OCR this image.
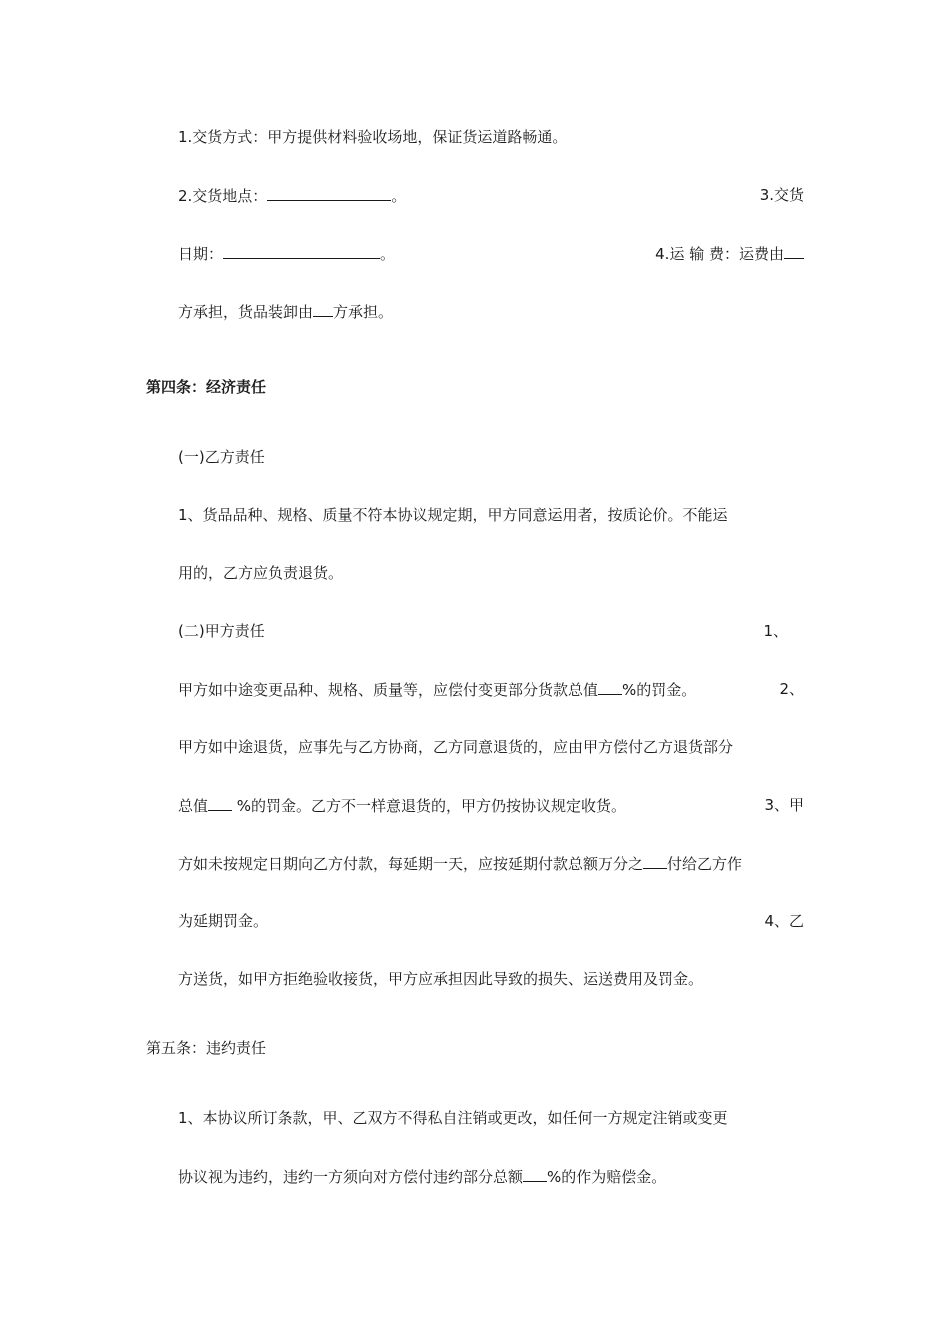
1.交货方式：甲方提供材料验收场地，保证货运道路畅通。
2.交货地点：	。	3.交货
日期：	。	4.运 输 费：运费由
方承担，货品装卸由 方承担。
第四条：经济责任
(一)乙方责任
1、货品品种、规格、质量不符本协议规定期，甲方同意运用者，按质论价。不能运
用的，乙方应负责退货。
(二)甲方责任	1、
甲方如中途变更品种、规格、质量等，应偿付变更部分货款总值 %的罚金。	2、
甲方如中途退货，应事先与乙方协商，乙方同意退货的，应由甲方偿付乙方退货部分
总值 %的罚金。乙方不一样意退货的，甲方仍按协议规定收货。	3、甲
方如未按规定日期向乙方付款，每延期一天，应按延期付款总额万分之 付给乙方作
为延期罚金。	4、乙
方送货，如甲方拒绝验收接货，甲方应承担因此导致的损失、运送费用及罚金。
第五条：违约责任
1、本协议所订条款，甲、乙双方不得私自注销或更改，如任何一方规定注销或变更
协议视为违约，违约一方须向对方偿付违约部分总额 %的作为赔偿金。
